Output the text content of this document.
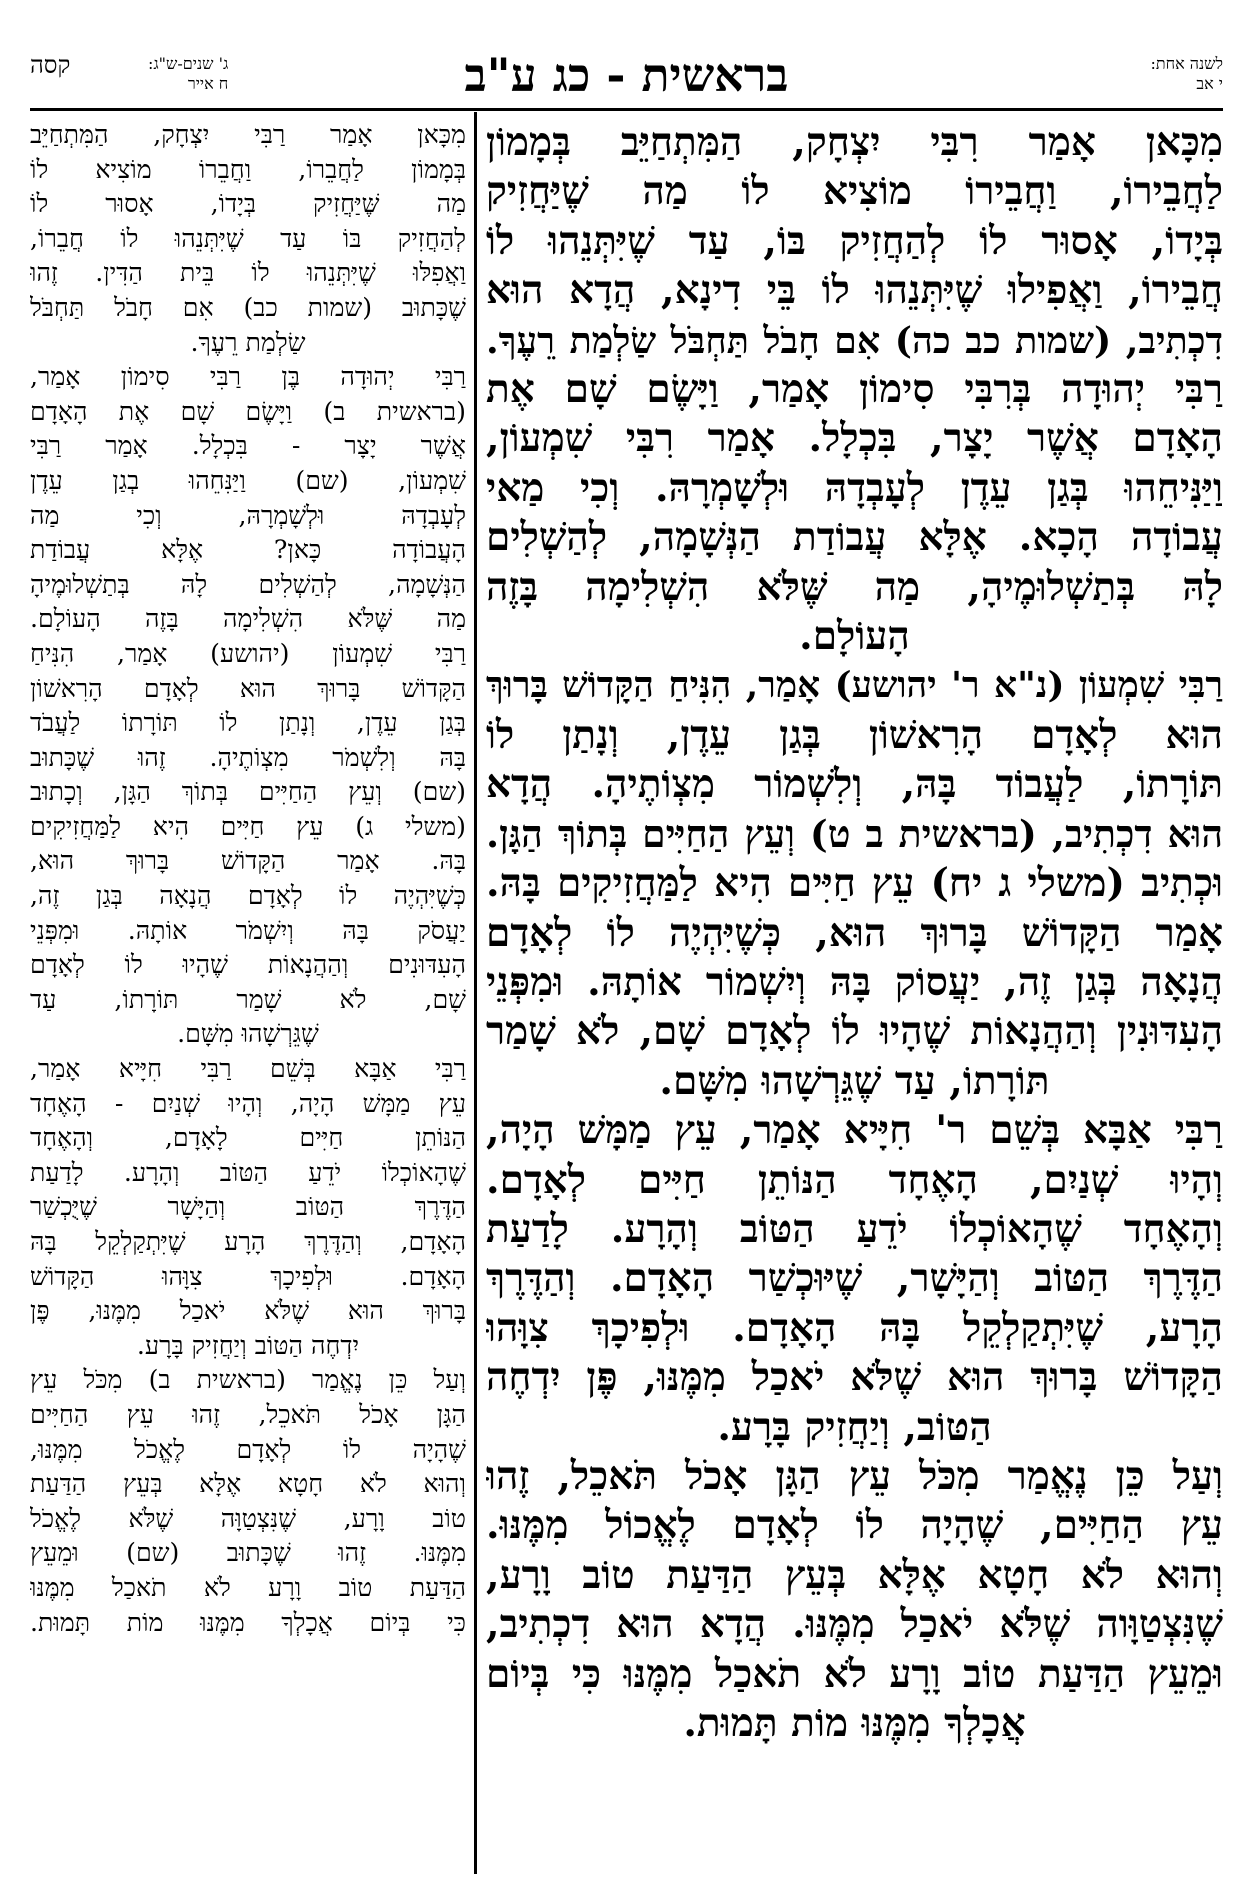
בראשית - כג ע"ב	לשנה אחת:
י אב
ג' שנים-ש"ג:
ח אייר
קסה
מִכָּאן אָמַר רִבִּי יִצְחָק, הַמִּתְחַיֵּב בְּמָמוֹן
לַחֲבֵירוֹ, וַחֲבֵירוֹ מוֹצִיא לוֹ מַה שֶׁיַּחֲזִיק
בְּיָדוֹ, אָסוּר לוֹ לְהַחֲזִיק בּוֹ, עַד שֶׁיִּתְּנֵהוּ לוֹ
חֲבֵירוֹ, וַאֲפִילוּ שֶׁיִּתְּנֵהוּ לוֹ בֵּי דִינָא, הֲדָא הוּא
דִכְתִיב, (שמות כב כה) אִם חָבֹל תַּחְבֹּל שַׂלְמַת רֵעֶךָ.
רַבִּי יְהוּדָה בְּרִבִּי סִימוֹן אָמַר, וַיָּשֶׂם שָׁם אֶת
הָאָדָם אֲשֶׁר יָצָר, בִּכְלָל. אָמַר רִבִּי שִׁמְעוֹן,
וַיַּנִּיחֵהוּ בְּגַן עֵדֶן לְעָבְדָהּ וּלְשָׁמְרָהּ. וְכִי מַאי
עֲבוֹדָה הָכָא. אֶלָּא עֲבוֹדַת הַנְּשָׁמָה, לְהַשְׁלִים
לָהּ בְּתַשְׁלוּמֶיהָ, מַה שֶּׁלֹּא הִשְׁלִימָה בָּזֶה
הָעוֹלָם.
רַבִּי שִׁמְעוֹן (נ"א ר' יהושע) אָמַר, הִנִּיחַ הַקָּדוֹשׁ בָּרוּךְ
הוּא לְאָדָם הָרִאשׁוֹן בְּגַן עֵדֶן, וְנָתַן לוֹ
תּוֹרָתוֹ, לַעֲבוֹד בָּהּ, וְלִשְׁמוֹר מִצְוֹתֶיהָ. הֲדָא
הוּא דִכְתִיב, (בראשית ב ט) וְעֵץ הַחַיִּים בְּתוֹךְ הַגָּן.
וּכְתִיב (משלי ג יח) עֵץ חַיִּים הִיא לַמַּחֲזִיקִים בָּהּ.
אָמַר הַקָּדוֹשׁ בָּרוּךְ הוּא, כְּשֶׁיִּהְיֶה לוֹ לְאָדָם
הֲנָאָה בְּגַן זֶה, יַעֲסוֹק בָּהּ וְיִשְׁמוֹר אוֹתָהּ. וּמִפְּנֵי
הָעִדּוּנִין וְהַהֲנָאוֹת שֶׁהָיוּ לוֹ לְאָדָם שָׁם, לֹא שָׁמַר
תּוֹרָתוֹ, עַד שֶׁגֵּרְשָׁהוּ מִשָּׁם.
רַבִּי אַבָּא בְּשֵׁם ר' חִיָּיא אָמַר, עֵץ מַמָּשׁ הָיָה,
וְהָיוּ שְׁנַיִם, הָאֶחָד הַנּוֹתֵן חַיִּים לְאָדָם.
וְהָאֶחָד שֶׁהָאוֹכְלוֹ יֹדֵעַ הַטּוֹב וְהָרָע. לָדַעַת
הַדֶּרֶךְ הַטּוֹב וְהַיָּשָׁר, שֶׁיּוּכְשַׁר הָאָדָם. וְהַדֶּרֶךְ
הָרָע, שֶׁיִּתְקַלְקֵל בָּהּ הָאָדָם. וּלְפִיכָךְ צִוָּהוּ
הַקָּדוֹשׁ בָּרוּךְ הוּא שֶׁלֹּא יֹאכַל מִמֶּנּוּ, פֶּן יִדְחֶה
הַטּוֹב, וְיַחֲזִיק בָּרָע.
וְעַל כֵּן נֶאֱמַר מִכֹּל עֵץ הַגָּן אָכֹל תֹּאכֵל, זֶהוּ
עֵץ הַחַיִּים, שֶׁהָיָה לוֹ לְאָדָם לֶאֱכוֹל מִמֶּנּוּ.
וְהוּא לֹא חָטָא אֶלָּא בְּעֵץ הַדַּעַת טוֹב וָרָע,
שֶׁנִּצְטַוָּוה שֶׁלֹּא יֹאכַל מִמֶּנּוּ. הֲדָא הוּא דִכְתִיב,
וּמֵעֵץ הַדַּעַת טוֹב וָרָע לֹא תֹאכַל מִמֶּנּוּ כִּי בְּיוֹם
אֲכָלְךָ מִמֶּנּוּ מוֹת תָּמוּת.
מִכָּאן אָמַר רַבִּי יִצְחָק, הַמִּתְחַיֵּב
בְּמָמוֹן לַחֲבֵרוֹ, וַחֲבֵרוֹ מוֹצִיא לוֹ
מַה שֶּׁיַּחֲזִיק בְּיָדוֹ, אָסוּר לוֹ
לְהַחֲזִיק בּוֹ עַד שֶׁיִּתְּנֵהוּ לוֹ חֲבֵרוֹ,
וַאֲפִלּוּ שֶׁיִּתְּנֵהוּ לוֹ בֵּית הַדִּין. זֶהוּ
שֶׁכָּתוּב (שמות כב) אִם חָבֹל תַּחְבֹּל
שַׂלְמַת רֵעֶךָ.
רַבִּי יְהוּדָה בֶּן רַבִּי סִימוֹן אָמַר,
(בראשית ב) וַיָּשֶׂם שָׁם אֶת הָאָדָם
אֲשֶׁר יָצָר - בִּכְלָל. אָמַר רַבִּי
שִׁמְעוֹן, (שם) וַיַּנִּחֵהוּ בְגַן עֵדֶן
לְעָבְדָהּ וּלְשָׁמְרָהּ, וְכִי מַה
הָעֲבוֹדָה כָּאן? אֶלָּא עֲבוֹדַת
הַנְּשָׁמָה, לְהַשְׁלִים לָהּ בְּתַשְׁלוּמֶיהָ
מַה שֶּׁלֹּא הִשְׁלִימָה בָּזֶה הָעוֹלָם.
רַבִּי שִׁמְעוֹן (יהושע) אָמַר, הִנִּיחַ
הַקָּדוֹשׁ בָּרוּךְ הוּא לְאָדָם הָרִאשׁוֹן
בְּגַן עֵדֶן, וְנָתַן לוֹ תּוֹרָתוֹ לַעֲבֹד
בָּהּ וְלִשְׁמֹר מִצְוֹתֶיהָ. זֶהוּ שֶׁכָּתוּב
(שם) וְעֵץ הַחַיִּים בְּתוֹךְ הַגָּן, וְכָתוּב
(משלי ג) עֵץ חַיִּים הִיא לַמַּחֲזִיקִים
בָּהּ. אָמַר הַקָּדוֹשׁ בָּרוּךְ הוּא,
כְּשֶׁיִּהְיֶה לוֹ לְאָדָם הֲנָאָה בְּגַן זֶה,
יַעֲסֹק בָּהּ וְיִשְׁמֹר אוֹתָהּ. וּמִפְּנֵי
הָעִדּוּנִים וְהַהֲנָאוֹת שֶׁהָיוּ לוֹ לְאָדָם
שָׁם, לֹא שָׁמַר תּוֹרָתוֹ, עַד
שֶׁגֵּרְשָׁהוּ מִשָּׁם.
רַבִּי אַבָּא בְּשֵׁם רַבִּי חִיָּיא אָמַר,
עֵץ מַמָּשׁ הָיָה, וְהָיוּ שְׁנַיִם - הָאֶחָד
הַנּוֹתֵן חַיִּים לָאָדָם, וְהָאֶחָד
שֶׁהָאוֹכְלוֹ יֹדֵעַ הַטּוֹב וְהָרָע. לָדַעַת
הַדֶּרֶךְ הַטּוֹב וְהַיָּשָׁר שֶׁיֻּכְשַׁר
הָאָדָם, וְהַדֶּרֶךְ הָרָע שֶׁיִּתְקַלְקֵל בָּהּ
הָאָדָם. וּלְפִיכָךְ צִוָּהוּ הַקָּדוֹשׁ
בָּרוּךְ הוּא שֶׁלֹּא יֹאכַל מִמֶּנּוּ, פֶּן
יִדְחֶה הַטּוֹב וְיַחֲזִיק בָּרָע.
וְעַל כֵּן נֶאֱמַר (בראשית ב) מִכֹּל עֵץ
הַגָּן אָכֹל תֹּאכֵל, זֶהוּ עֵץ הַחַיִּים
שֶׁהָיָה לוֹ לְאָדָם לֶאֱכֹל מִמֶּנּוּ,
וְהוּא לֹא חָטָא אֶלָּא בְּעֵץ הַדַּעַת
טוֹב וָרָע, שֶׁנִּצְטַוָּה שֶׁלֹּא לֶאֱכֹל
מִמֶּנּוּ. זֶהוּ שֶׁכָּתוּב (שם) וּמֵעֵץ
הַדַּעַת טוֹב וָרָע לֹא תֹאכַל מִמֶּנּוּ
כִּי בְּיוֹם אֲכָלְךָ מִמֶּנּוּ מוֹת תָּמוּת.
